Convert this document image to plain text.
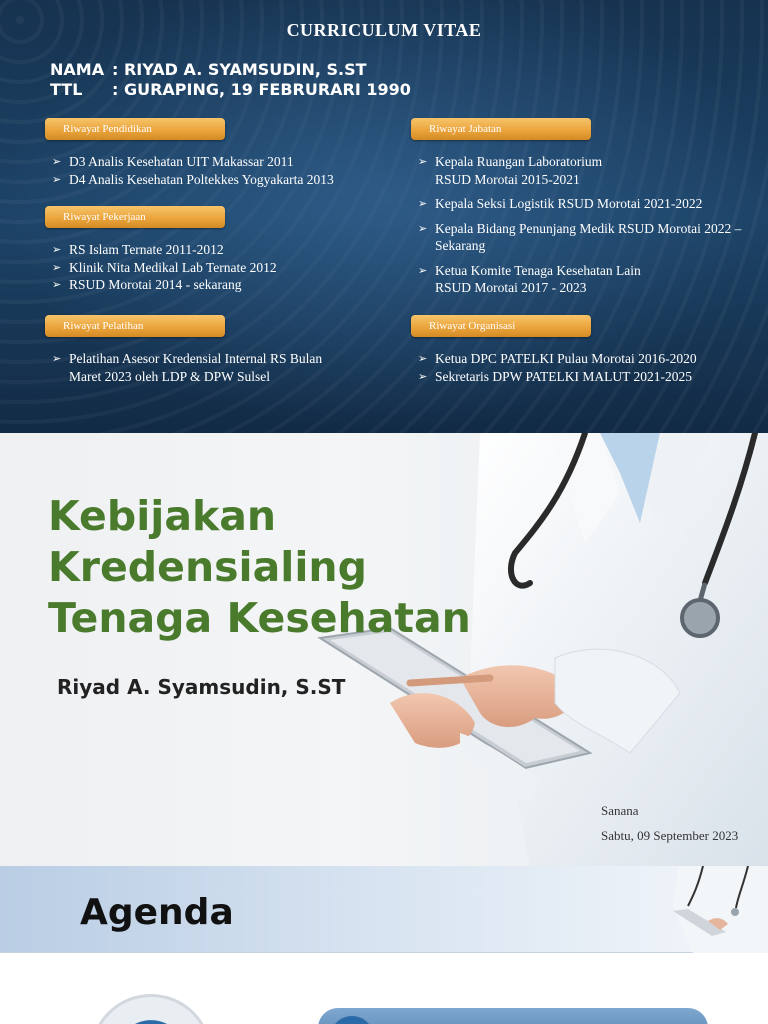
CURRICULUM VITAE
NAMA : RIYAD A. SYAMSUDIN, S.ST
TTL : GURAPING, 19 FEBRURARI 1990
Riwayat Pendidikan
➢ D3 Analis Kesehatan UIT Makassar 2011
➢ D4 Analis Kesehatan Poltekkes Yogyakarta 2013
Riwayat Pekerjaan
➢ RS Islam Ternate 2011-2012
➢ Klinik Nita Medikal Lab Ternate 2012
➢ RSUD Morotai 2014 - sekarang
Riwayat Pelatihan
➢ Pelatihan Asesor Kredensial Internal RS Bulan
Maret 2023 oleh LDP & DPW Sulsel
Riwayat Jabatan
➢ Kepala Ruangan Laboratorium
RSUD Morotai 2015-2021
➢ Kepala Seksi Logistik RSUD Morotai 2021-2022
➢ Kepala Bidang Penunjang Medik RSUD Morotai 2022 –
Sekarang
➢ Ketua Komite Tenaga Kesehatan Lain
RSUD Morotai 2017 - 2023
Riwayat Organisasi
➢ Ketua DPC PATELKI Pulau Morotai 2016-2020
➢ Sekretaris DPW PATELKI MALUT 2021-2025
Kebijakan
Kredensialing
Tenaga Kesehatan
Riyad A. Syamsudin, S.ST
Sanana
Sabtu, 09 September 2023
Agenda
